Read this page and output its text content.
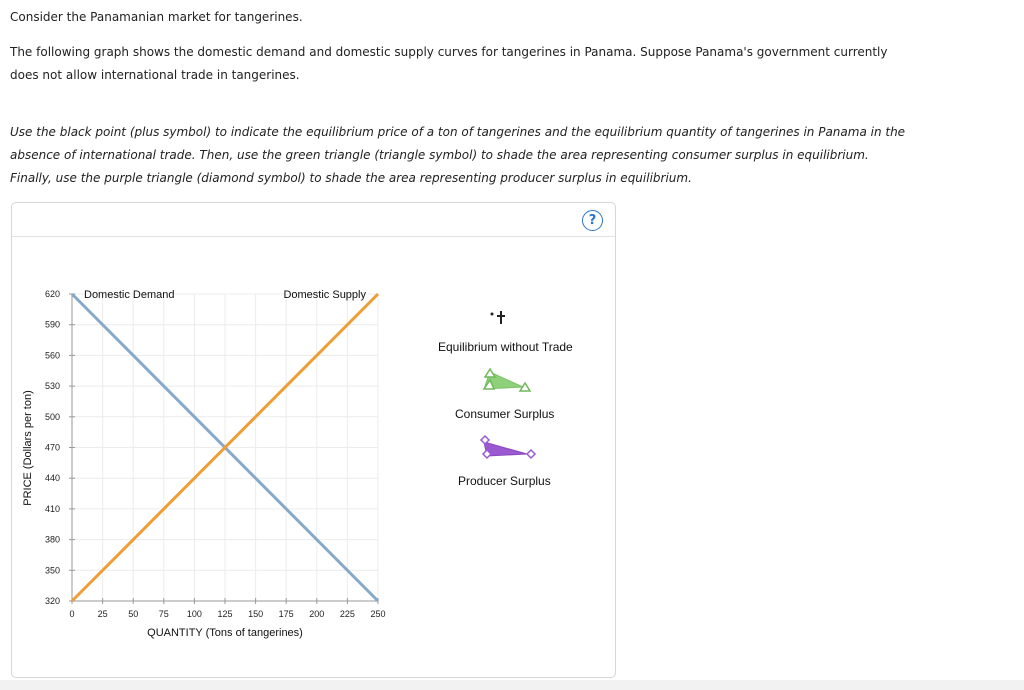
Consider the Panamanian market for tangerines.
The following graph shows the domestic demand and domestic supply curves for tangerines in Panama. Suppose Panama's government currently does not allow international trade in tangerines.
Use the black point (plus symbol) to indicate the equilibrium price of a ton of tangerines and the equilibrium quantity of tangerines in Panama in the absence of international trade. Then, use the green triangle (triangle symbol) to shade the area representing consumer surplus in equilibrium. Finally, use the purple triangle (diamond symbol) to shade the area representing producer surplus in equilibrium.
?
620
590
560
530
500
470
440
410
380
350
320
0	25 50 75 100 125 150 175 200 225 250
QUANTITY (Tons of tangerines)
PRICE (Dollars per ton)
Domestic Demand	Domestic Supply
Equilibrium without Trade
Consumer Surplus
Producer Surplus
